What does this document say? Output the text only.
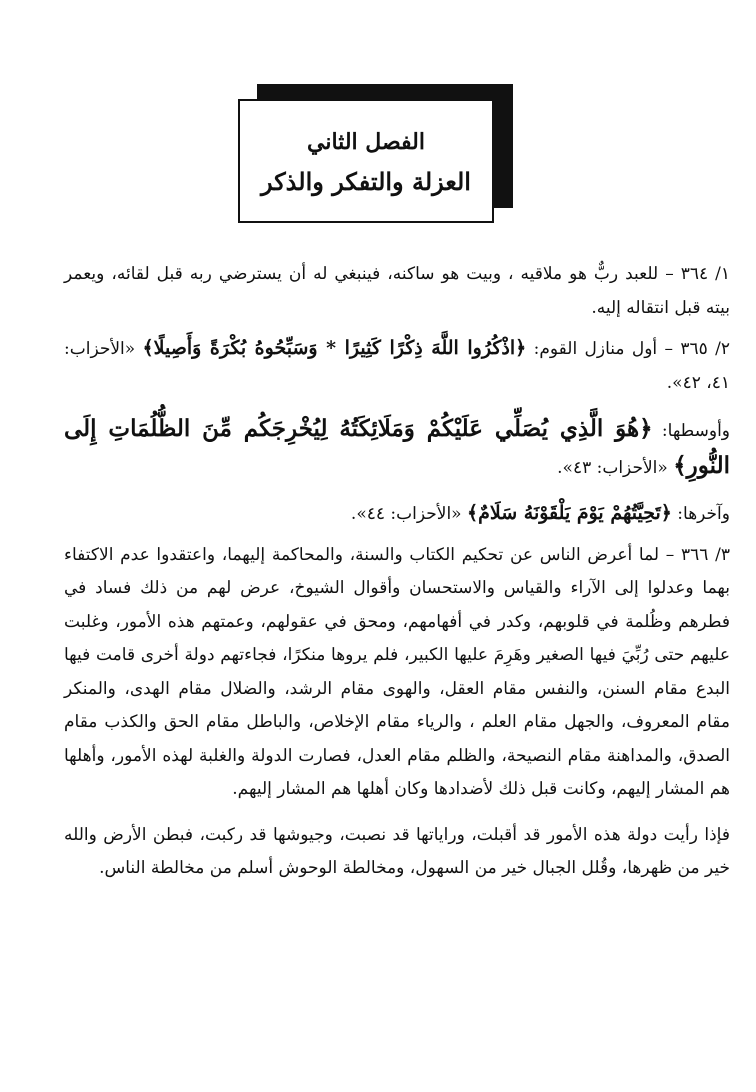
الفصل الثاني
العزلة والتفكر والذكر

١/ ٣٦٤ – للعبد ربٌّ هو ملاقيه ، وبيت هو ساكنه، فينبغي له أن يسترضي ربه قبل لقائه، ويعمر بيته قبل انتقاله إليه.

٢/ ٣٦٥ – أول منازل القوم: ﴿اذْكُرُوا اللَّهَ ذِكْرًا كَثِيرًا * وَسَبِّحُوهُ بُكْرَةً وَأَصِيلًا﴾ «الأحزاب: ٤١، ٤٢».

وأوسطها: ﴿هُوَ الَّذِي يُصَلِّي عَلَيْكُمْ وَمَلَائِكَتُهُ لِيُخْرِجَكُم مِّنَ الظُّلُمَاتِ إِلَى النُّورِ﴾ «الأحزاب: ٤٣».

وآخرها: ﴿تَحِيَّتُهُمْ يَوْمَ يَلْقَوْنَهُ سَلَامٌ﴾ «الأحزاب: ٤٤».

٣/ ٣٦٦ – لما أعرض الناس عن تحكيم الكتاب والسنة، والمحاكمة إليهما، واعتقدوا عدم الاكتفاء بهما وعدلوا إلى الآراء والقياس والاستحسان وأقوال الشيوخ، عرض لهم من ذلك فساد في فطرهم وظُلمة في قلوبهم، وكدر في أفهامهم، ومحق في عقولهم، وعمتهم هذه الأمور، وغلبت عليهم حتى رُبِّيَ فيها الصغير وهَرِمَ عليها الكبير، فلم يروها منكرًا، فجاءتهم دولة أخرى قامت فيها البدع مقام السنن، والنفس مقام العقل، والهوى مقام الرشد، والضلال مقام الهدى، والمنكر مقام المعروف، والجهل مقام العلم ، والرياء مقام الإخلاص، والباطل مقام الحق والكذب مقام الصدق، والمداهنة مقام النصيحة، والظلم مقام العدل، فصارت الدولة والغلبة لهذه الأمور، وأهلها هم المشار إليهم، وكانت قبل ذلك لأضدادها وكان أهلها هم المشار إليهم.

فإذا رأيت دولة هذه الأمور قد أقبلت، وراياتها قد نصبت، وجيوشها قد ركبت، فبطن الأرض والله خير من ظهرها، وقُلل الجبال خير من السهول، ومخالطة الوحوش أسلم من مخالطة الناس.
